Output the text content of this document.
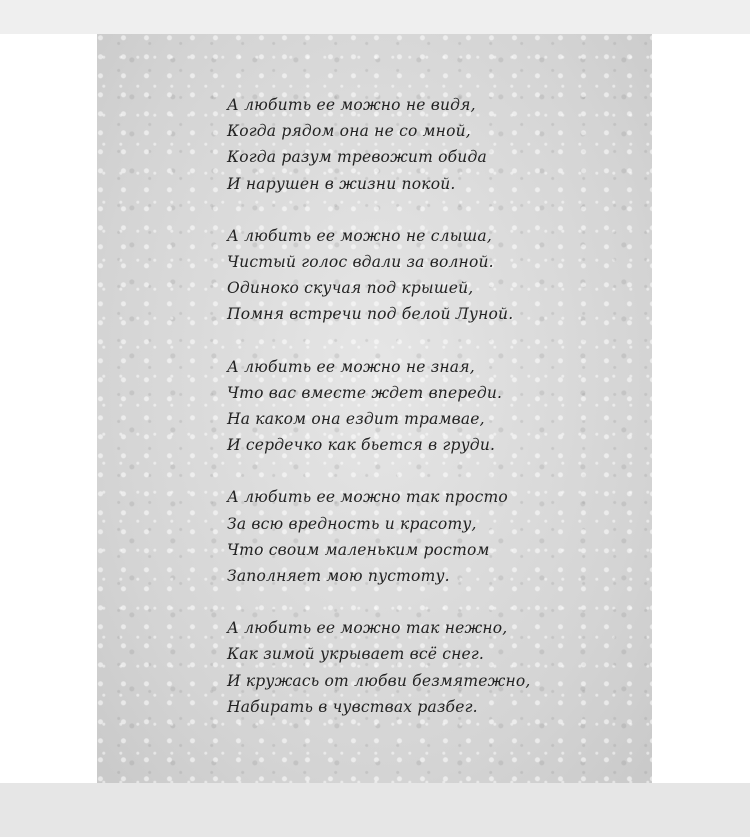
А любить ее можно не видя,
Когда рядом она не со мной,
Когда разум тревожит обида
И нарушен в жизни покой.
А любить ее можно не слыша,
Чистый голос вдали за волной.
Одиноко скучая под крышей,
Помня встречи под белой Луной.
А любить ее можно не зная,
Что вас вместе ждет впереди.
На каком она ездит трамвае,
И сердечко как бьется в груди.
А любить ее можно так просто
За всю вредность и красоту,
Что своим маленьким ростом
Заполняет мою пустоту.
А любить ее можно так нежно,
Как зимой укрывает всё снег.
И кружась от любви безмятежно,
Набирать в чувствах разбег.
